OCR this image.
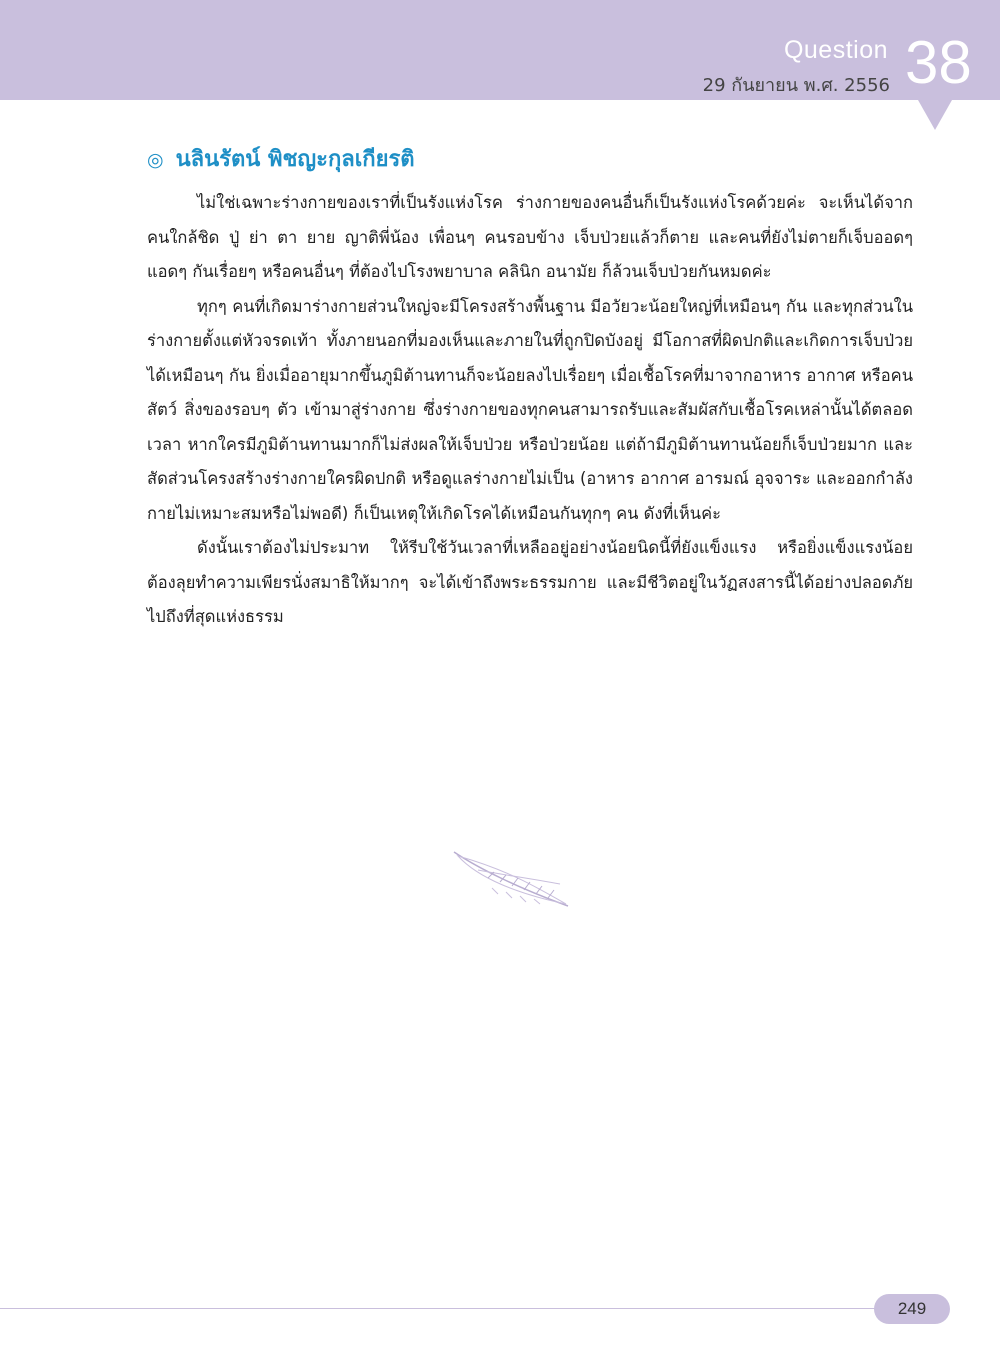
Question
29 กันยายน พ.ศ. 2556 38
◎ นลินรัตน์ พิชญะกุลเกียรติ

ไม่ใช่เฉพาะร่างกายของเราที่เป็นรังแห่งโรค ร่างกายของคนอื่นก็เป็นรังแห่งโรคด้วยค่ะ จะเห็นได้จากคนใกล้ชิด ปู่ ย่า ตา ยาย ญาติพี่น้อง เพื่อนๆ คนรอบข้าง เจ็บป่วยแล้วก็ตาย และคนที่ยังไม่ตายก็เจ็บออดๆ แอดๆ กันเรื่อยๆ หรือคนอื่นๆ ที่ต้องไปโรงพยาบาล คลินิก อนามัย ก็ล้วนเจ็บป่วยกันหมดค่ะ

ทุกๆ คนที่เกิดมาร่างกายส่วนใหญ่จะมีโครงสร้างพื้นฐาน มีอวัยวะน้อยใหญ่ที่เหมือนๆ กัน และทุกส่วนในร่างกายตั้งแต่หัวจรดเท้า ทั้งภายนอกที่มองเห็นและภายในที่ถูกปิดบังอยู่ มีโอกาสที่ผิดปกติและเกิดการเจ็บป่วยได้เหมือนๆ กัน ยิ่งเมื่ออายุมากขึ้นภูมิต้านทานก็จะน้อยลงไปเรื่อยๆ เมื่อเชื้อโรคที่มาจากอาหาร อากาศ หรือคน สัตว์ สิ่งของรอบๆ ตัว เข้ามาสู่ร่างกาย ซึ่งร่างกายของทุกคนสามารถรับและสัมผัสกับเชื้อโรคเหล่านั้นได้ตลอดเวลา หากใครมีภูมิต้านทานมากก็ไม่ส่งผลให้เจ็บป่วย หรือป่วยน้อย แต่ถ้ามีภูมิต้านทานน้อยก็เจ็บป่วยมาก และสัดส่วนโครงสร้างร่างกายใครผิดปกติ หรือดูแลร่างกายไม่เป็น (อาหาร อากาศ อารมณ์ อุจจาระ และออกกำลังกายไม่เหมาะสมหรือไม่พอดี) ก็เป็นเหตุให้เกิดโรคได้เหมือนกันทุกๆ คน ดังที่เห็นค่ะ

ดังนั้นเราต้องไม่ประมาท ให้รีบใช้วันเวลาที่เหลืออยู่อย่างน้อยนิดนี้ที่ยังแข็งแรง หรือยิ่งแข็งแรงน้อย ต้องลุยทำความเพียรนั่งสมาธิให้มากๆ จะได้เข้าถึงพระธรรมกาย และมีชีวิตอยู่ในวัฏสงสารนี้ได้อย่างปลอดภัย ไปถึงที่สุดแห่งธรรม

249
